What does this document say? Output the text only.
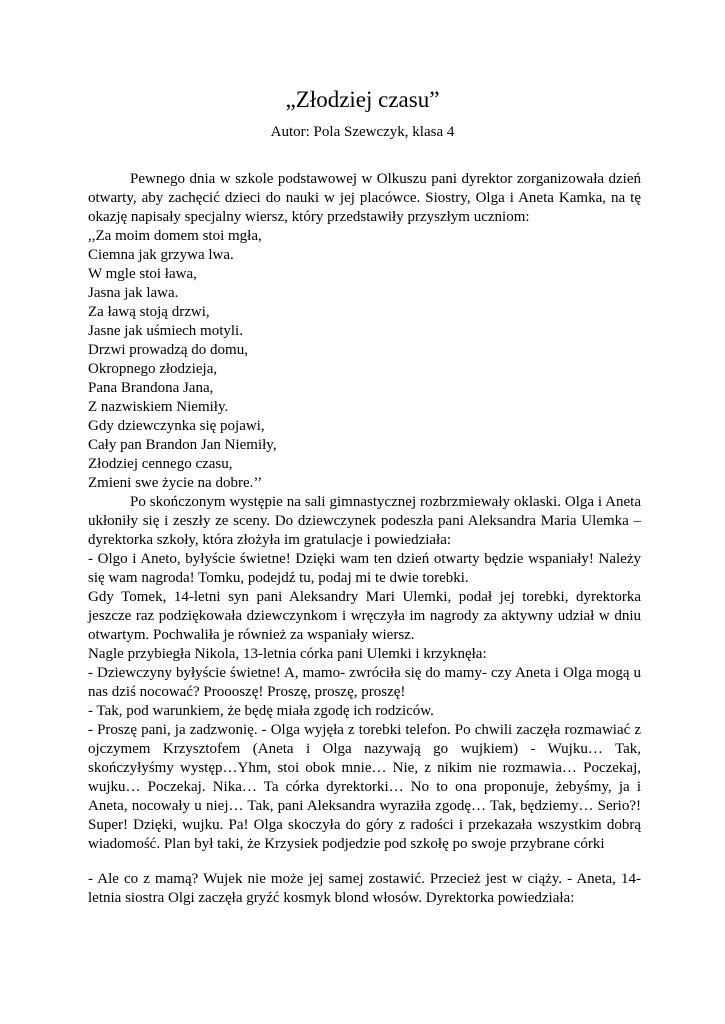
„Złodziej czasu”
Autor: Pola Szewczyk, klasa 4

Pewnego dnia w szkole podstawowej w Olkuszu pani dyrektor zorganizowała dzień otwarty, aby zachęcić dzieci do nauki w jej placówce. Siostry, Olga i Aneta Kamka, na tę okazję napisały specjalny wiersz, który przedstawiły przyszłym uczniom:

,,Za moim domem stoi mgła,
Ciemna jak grzywa lwa.
W mgle stoi ława,
Jasna jak lawa.
Za ławą stoją drzwi,
Jasne jak uśmiech motyli.
Drzwi prowadzą do domu,
Okropnego złodzieja,
Pana Brandona Jana,
Z nazwiskiem Niemiły.
Gdy dziewczynka się pojawi,
Cały pan Brandon Jan Niemiły,
Złodziej cennego czasu,
Zmieni swe życie na dobre.’’

Po skończonym występie na sali gimnastycznej rozbrzmiewały oklaski. Olga i Aneta ukłoniły się i zeszły ze sceny. Do dziewczynek podeszła pani Aleksandra Maria Ulemka – dyrektorka szkoły, która złożyła im gratulacje i powiedziała:

- Olgo i Aneto, byłyście świetne! Dzięki wam ten dzień otwarty będzie wspaniały! Należy się wam nagroda! Tomku, podejdź tu, podaj mi te dwie torebki.

Gdy Tomek, 14-letni syn pani Aleksandry Mari Ulemki, podał jej torebki, dyrektorka jeszcze raz podziękowała dziewczynkom i wręczyła im nagrody za aktywny udział w dniu otwartym. Pochwaliła je również za wspaniały wiersz.

Nagle przybiegła Nikola, 13-letnia córka pani Ulemki i krzyknęła:

- Dziewczyny byłyście świetne! A, mamo- zwróciła się do mamy- czy Aneta i Olga mogą u nas dziś nocować? Proooszę! Proszę, proszę, proszę!

- Tak, pod warunkiem, że będę miała zgodę ich rodziców.

- Proszę pani, ja zadzwonię. - Olga wyjęła z torebki telefon. Po chwili zaczęła rozmawiać z ojczymem Krzysztofem (Aneta i Olga nazywają go wujkiem) - Wujku… Tak, skończyłyśmy występ…Yhm, stoi obok mnie… Nie, z nikim nie rozmawia… Poczekaj, wujku… Poczekaj. Nika… Ta córka dyrektorki… No to ona proponuje, żebyśmy, ja i Aneta, nocowały u niej… Tak, pani Aleksandra wyraziła zgodę… Tak, będziemy… Serio?! Super! Dzięki, wujku. Pa! Olga skoczyła do góry z radości i przekazała wszystkim dobrą wiadomość. Plan był taki, że Krzysiek podjedzie pod szkołę po swoje przybrane córki

- Ale co z mamą? Wujek nie może jej samej zostawić. Przecież jest w ciąży. - Aneta, 14-letnia siostra Olgi zaczęła gryźć kosmyk blond włosów. Dyrektorka powiedziała:
